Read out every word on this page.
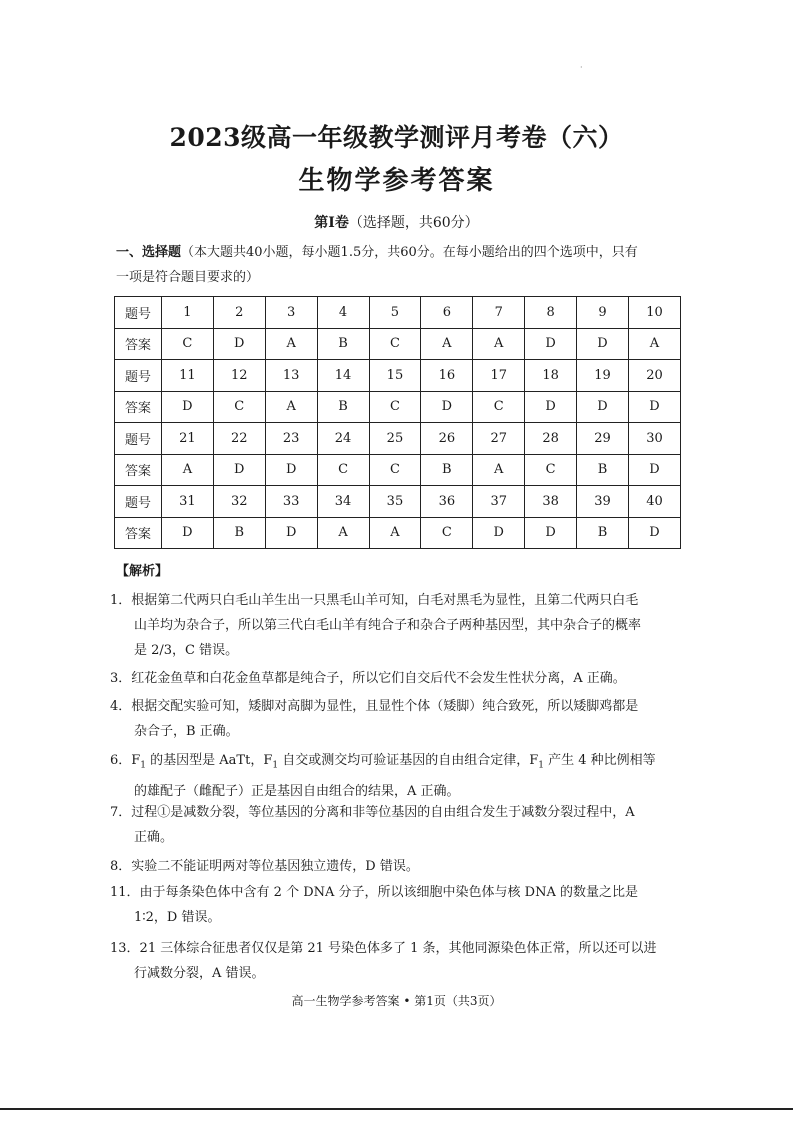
·
2023级高一年级教学测评月考卷（六）
生物学参考答案
第Ⅰ卷（选择题，共60分）
一、选择题（本大题共40小题，每小题1.5分，共60分。在每小题给出的四个选项中，只有
一项是符合题目要求的）
题号	1	2	3	4	5	6	7	8	9	10
答案	C	D	A	B	C	A	A	D	D	A
题号	11	12	13	14	15	16	17	18	19	20
答案	D	C	A	B	C	D	C	D	D	D
题号	21	22	23	24	25	26	27	28	29	30
答案	A	D	D	C	C	B	A	C	B	D
题号	31	32	33	34	35	36	37	38	39	40
答案	D	B	D	A	A	C	D	D	B	D
【解析】
1．根据第二代两只白毛山羊生出一只黑毛山羊可知，白毛对黑毛为显性，且第二代两只白毛
山羊均为杂合子，所以第三代白毛山羊有纯合子和杂合子两种基因型，其中杂合子的概率
是 2/3，C 错误。
3．红花金鱼草和白花金鱼草都是纯合子，所以它们自交后代不会发生性状分离，A 正确。
4．根据交配实验可知，矮脚对高脚为显性，且显性个体（矮脚）纯合致死，所以矮脚鸡都是
杂合子，B 正确。
6．$F_1$ 的基因型是 AaTt，$F_1$ 自交或测交均可验证基因的自由组合定律，$F_1$ 产生 4 种比例相等
的雄配子（雌配子）正是基因自由组合的结果，A 正确。
7．过程①是减数分裂，等位基因的分离和非等位基因的自由组合发生于减数分裂过程中，A
正确。
8．实验二不能证明两对等位基因独立遗传，D 错误。
11．由于每条染色体中含有 2 个 DNA 分子，所以该细胞中染色体与核 DNA 的数量之比是
1∶2，D 错误。
13．21 三体综合征患者仅仅是第 21 号染色体多了 1 条，其他同源染色体正常，所以还可以进
行减数分裂，A 错误。
高一生物学参考答案 • 第1页（共3页）
